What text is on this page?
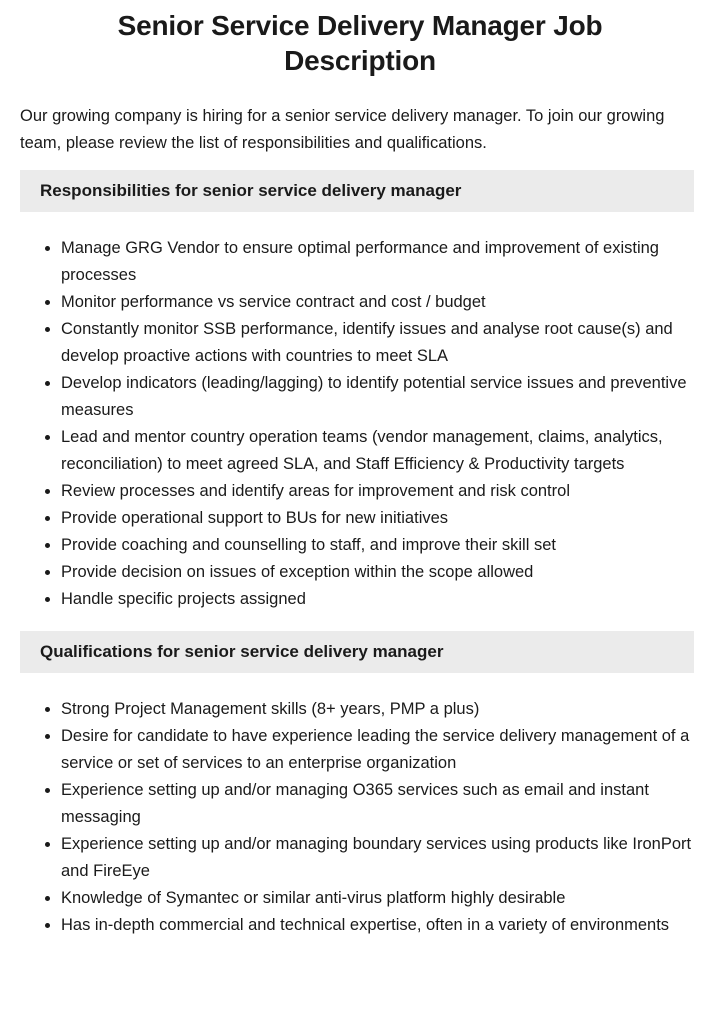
Senior Service Delivery Manager Job Description

Our growing company is hiring for a senior service delivery manager. To join our growing team, please review the list of responsibilities and qualifications.

Responsibilities for senior service delivery manager
• Manage GRG Vendor to ensure optimal performance and improvement of existing processes
• Monitor performance vs service contract and cost / budget
• Constantly monitor SSB performance, identify issues and analyse root cause(s) and develop proactive actions with countries to meet SLA
• Develop indicators (leading/lagging) to identify potential service issues and preventive measures
• Lead and mentor country operation teams (vendor management, claims, analytics, reconciliation) to meet agreed SLA, and Staff Efficiency & Productivity targets
• Review processes and identify areas for improvement and risk control
• Provide operational support to BUs for new initiatives
• Provide coaching and counselling to staff, and improve their skill set
• Provide decision on issues of exception within the scope allowed
• Handle specific projects assigned
Qualifications for senior service delivery manager
• Strong Project Management skills (8+ years, PMP a plus)
• Desire for candidate to have experience leading the service delivery management of a service or set of services to an enterprise organization
• Experience setting up and/or managing O365 services such as email and instant messaging
• Experience setting up and/or managing boundary services using products like IronPort and FireEye
• Knowledge of Symantec or similar anti-virus platform highly desirable
• Has in-depth commercial and technical expertise, often in a variety of environments
